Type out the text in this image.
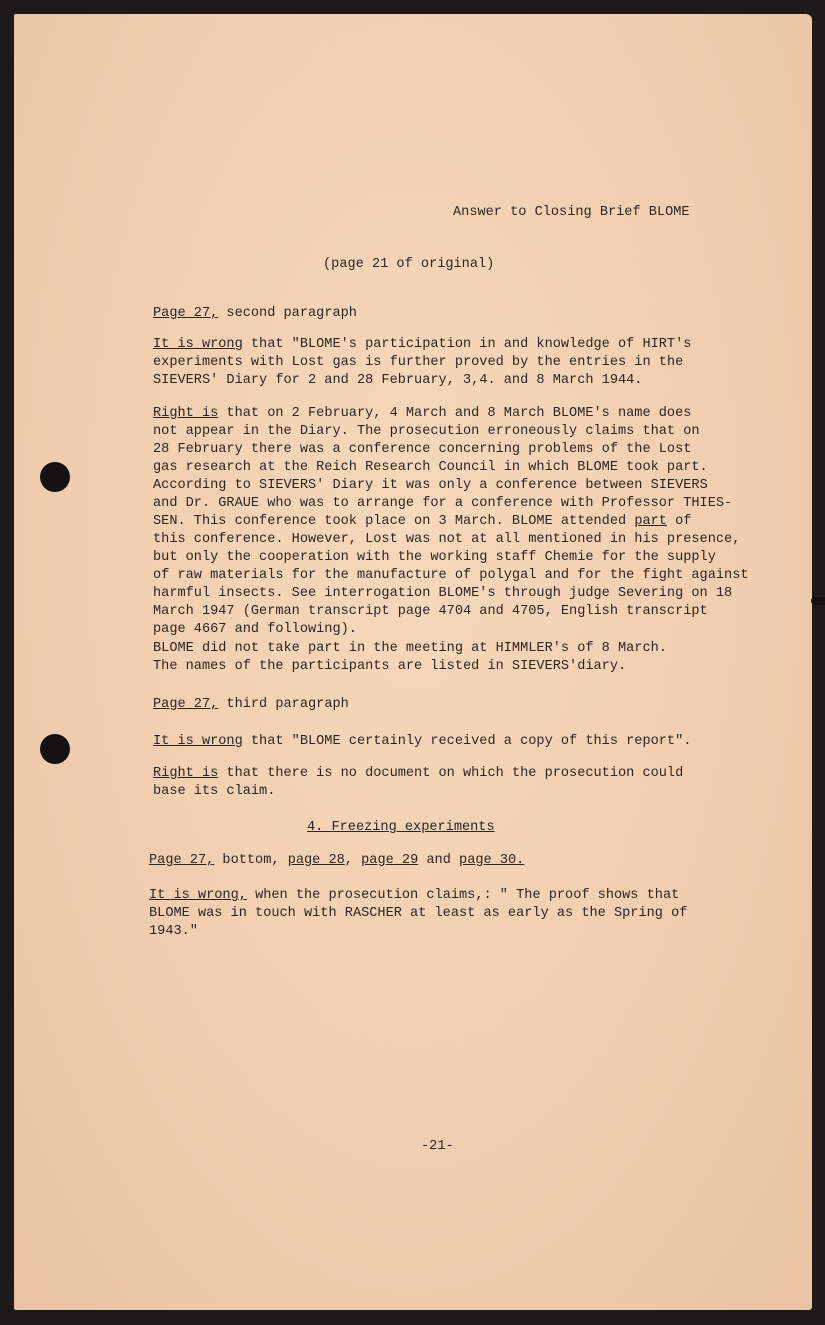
Answer to Closing Brief BLOME

(page 21 of original)

Page 27, second paragraph

It is wrong that "BLOME's participation in and knowledge of HIRT's
experiments with Lost gas is further proved by the entries in the
SIEVERS' Diary for 2 and 28 February, 3,4. and 8 March 1944.
Right is that on 2 February, 4 March and 8 March BLOME's name does
not appear in the Diary. The prosecution erroneously claims that on
28 February there was a conference concerning problems of the Lost
gas research at the Reich Research Council in which BLOME took part.
According to SIEVERS' Diary it was only a conference between SIEVERS
and Dr. GRAUE who was to arrange for a conference with Professor THIES-
SEN. This conference took place on 3 March. BLOME attended part of
this conference. However, Lost was not at all mentioned in his presence,
but only the cooperation with the working staff Chemie for the supply
of raw materials for the manufacture of polygal and for the fight against
harmful insects. See interrogation BLOME's through judge Severing on 18
March 1947 (German transcript page 4704 and 4705, English transcript
page 4667 and following).
BLOME did not take part in the meeting at HIMMLER's of 8 March.
The names of the participants are listed in SIEVERS'diary.

Page 27, third paragraph

It is wrong that "BLOME certainly received a copy of this report".

Right is that there is no document on which the prosecution could
base its claim.

4. Freezing experiments

Page 27, bottom, page 28, page 29 and page 30.

It is wrong, when the prosecution claims,: " The proof shows that
BLOME was in touch with RASCHER at least as early as the Spring of
1943."

-21-
